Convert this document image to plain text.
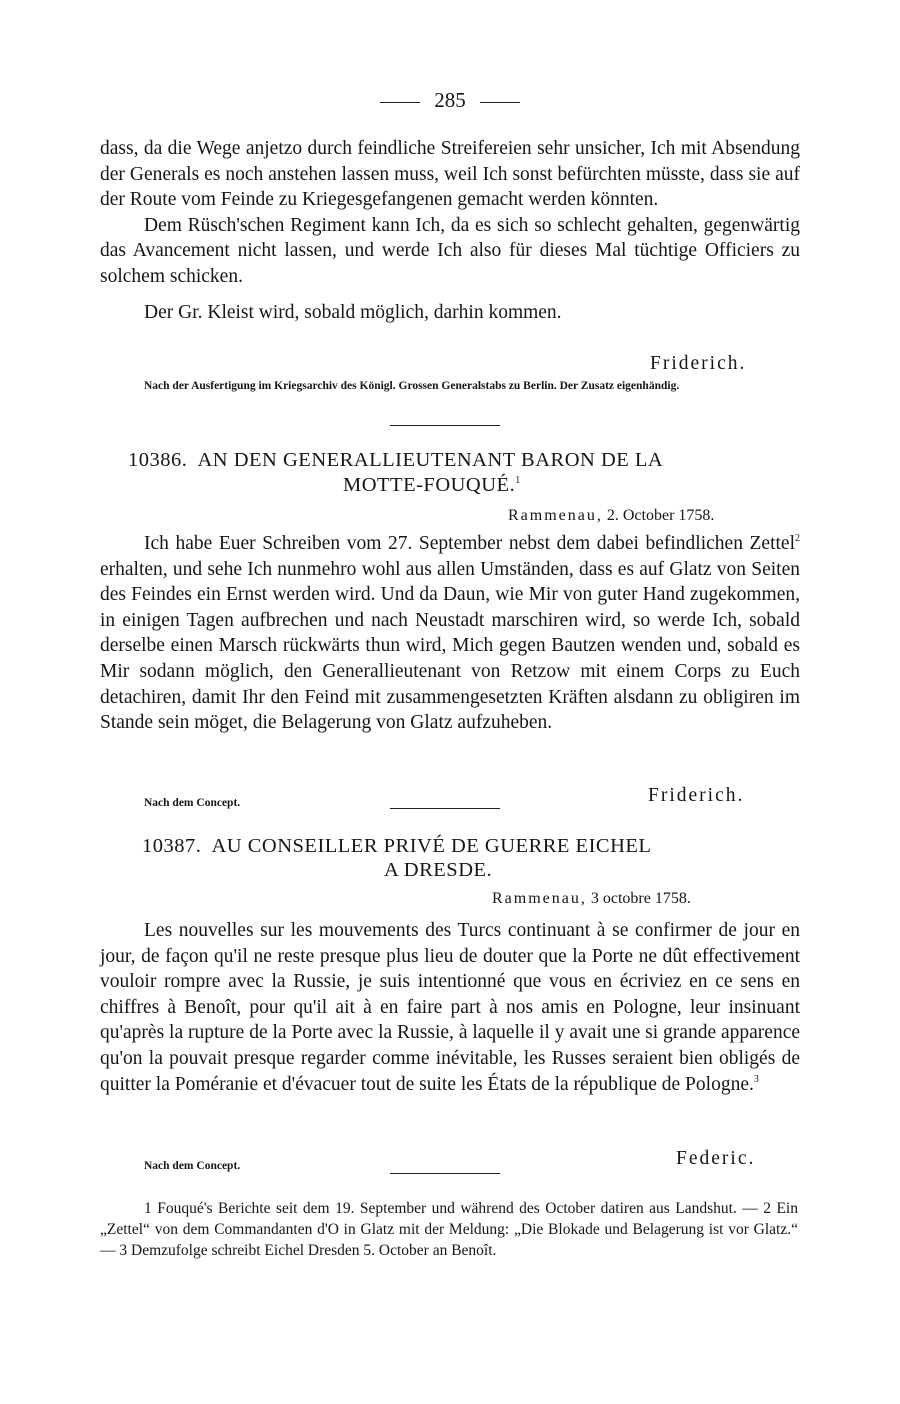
285

dass, da die Wege anjetzo durch feindliche Streifereien sehr unsicher, Ich mit Absendung der Generals es noch anstehen lassen muss, weil Ich sonst befürchten müsste, dass sie auf der Route vom Feinde zu Kriegesgefangenen gemacht werden könnten.

Dem Rüsch'schen Regiment kann Ich, da es sich so schlecht gehalten, gegenwärtig das Avancement nicht lassen, und werde Ich also für dieses Mal tüchtige Officiers zu solchem schicken.

Der Gr. Kleist wird, sobald möglich, darhin kommen.

Friderich.
Nach der Ausfertigung im Kriegsarchiv des Königl. Grossen Generalstabs zu Berlin. Der Zusatz eigenhändig.
10386. AN DEN GENERALLIEUTENANT BARON DE LA
MOTTE-FOUQUÉ.$^1$
Rammenau, 2. October 1758.

Ich habe Euer Schreiben vom 27. September nebst dem dabei befindlichen Zettel$^2$ erhalten, und sehe Ich nunmehro wohl aus allen Umständen, dass es auf Glatz von Seiten des Feindes ein Ernst werden wird. Und da Daun, wie Mir von guter Hand zugekommen, in einigen Tagen aufbrechen und nach Neustadt marschiren wird, so werde Ich, sobald derselbe einen Marsch rückwärts thun wird, Mich gegen Bautzen wenden und, sobald es Mir sodann möglich, den Generallieutenant von Retzow mit einem Corps zu Euch detachiren, damit Ihr den Feind mit zusammengesetzten Kräften alsdann zu obligiren im Stande sein möget, die Belagerung von Glatz aufzuheben.

Nach dem Concept.	Friderich.
10387. AU CONSEILLER PRIVÉ DE GUERRE EICHEL
A DRESDE.
Rammenau, 3 octobre 1758.

Les nouvelles sur les mouvements des Turcs continuant à se confirmer de jour en jour, de façon qu'il ne reste presque plus lieu de douter que la Porte ne dût effectivement vouloir rompre avec la Russie, je suis intentionné que vous en écriviez en ce sens en chiffres à Benoît, pour qu'il ait à en faire part à nos amis en Pologne, leur insinuant qu'après la rupture de la Porte avec la Russie, à laquelle il y avait une si grande apparence qu'on la pouvait presque regarder comme inévitable, les Russes seraient bien obligés de quitter la Poméranie et d'évacuer tout de suite les États de la république de Pologne.$^3$

Nach dem Concept.	Federic.

1 Fouqué's Berichte seit dem 19. September und während des October datiren aus Landshut. — 2 Ein „Zettel“ von dem Commandanten d'O in Glatz mit der Meldung: „Die Blokade und Belagerung ist vor Glatz.“ — 3 Demzufolge schreibt Eichel Dresden 5. October an Benoît.
